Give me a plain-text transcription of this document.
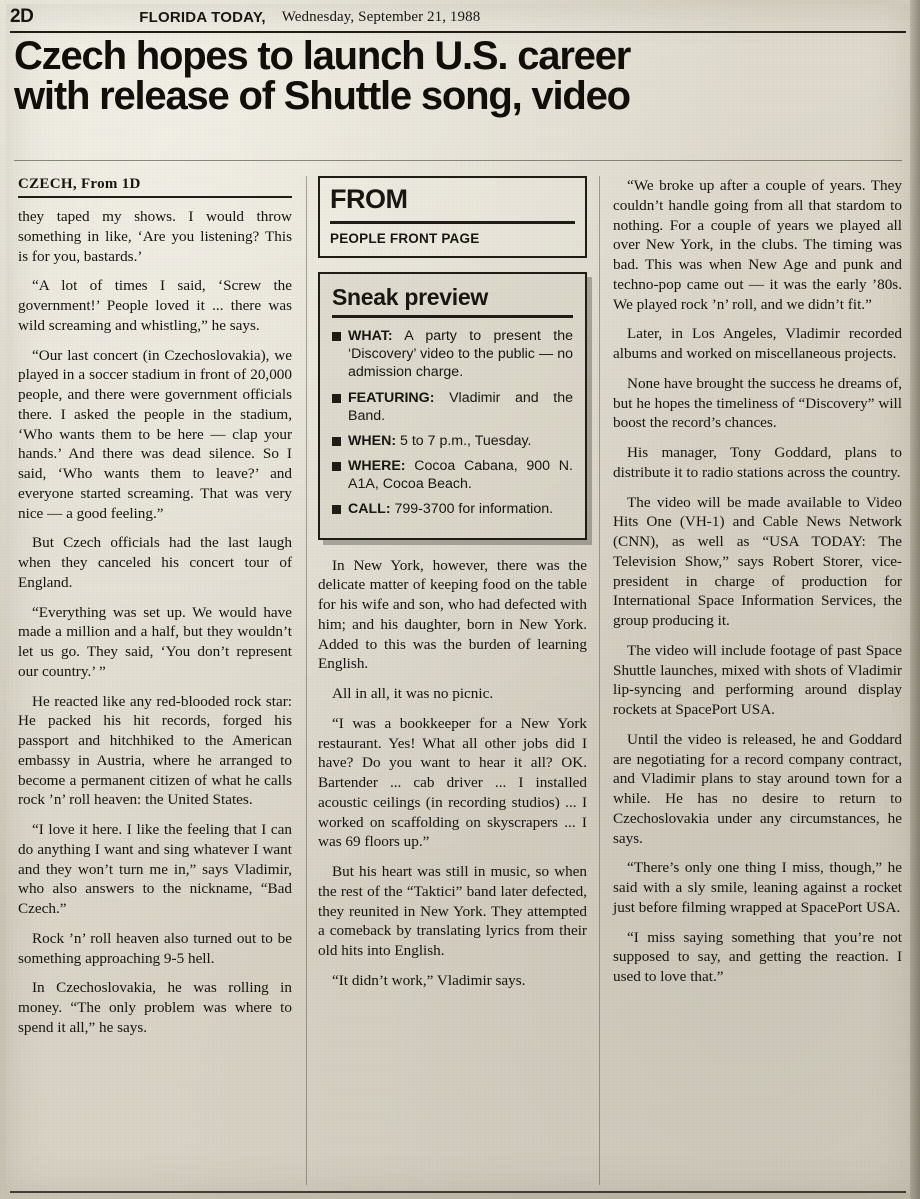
2D	FLORIDA TODAY, Wednesday, September 21, 1988
Czech hopes to launch U.S. career
with release of Shuttle song, video
CZECH, From 1D

they taped my shows. I would throw something in like, ‘Are you listening? This is for you, bastards.’

“A lot of times I said, ‘Screw the government!’ People loved it ... there was wild screaming and whistling,” he says.

“Our last concert (in Czechoslovakia), we played in a soccer stadium in front of 20,000 people, and there were government officials there. I asked the people in the stadium, ‘Who wants them to be here — clap your hands.’ And there was dead silence. So I said, ‘Who wants them to leave?’ and everyone started screaming. That was very nice — a good feeling.”

But Czech officials had the last laugh when they canceled his concert tour of England.

“Everything was set up. We would have made a million and a half, but they wouldn’t let us go. They said, ‘You don’t represent our country.’ ”

He reacted like any red-blooded rock star: He packed his hit records, forged his passport and hitchhiked to the American embassy in Austria, where he arranged to become a permanent citizen of what he calls rock ’n’ roll heaven: the United States.

“I love it here. I like the feeling that I can do anything I want and sing whatever I want and they won’t turn me in,” says Vladimir, who also answers to the nickname, “Bad Czech.”

Rock ’n’ roll heaven also turned out to be something approaching 9-5 hell.

In Czechoslovakia, he was rolling in money. “The only problem was where to spend it all,” he says.

FROM
PEOPLE FRONT PAGE
Sneak preview
WHAT: A party to present the ‘Discovery’ video to the public — no admission charge.
FEATURING: Vladimir and the Band.
WHEN: 5 to 7 p.m., Tuesday.
WHERE: Cocoa Cabana, 900 N. A1A, Cocoa Beach.
CALL: 799-3700 for information.

In New York, however, there was the delicate matter of keeping food on the table for his wife and son, who had defected with him; and his daughter, born in New York. Added to this was the burden of learning English.

All in all, it was no picnic.

“I was a bookkeeper for a New York restaurant. Yes! What all other jobs did I have? Do you want to hear it all? OK. Bartender ... cab driver ... I installed acoustic ceilings (in recording studios) ... I worked on scaffolding on skyscrapers ... I was 69 floors up.”

But his heart was still in music, so when the rest of the “Taktici” band later defected, they reunited in New York. They attempted a comeback by translating lyrics from their old hits into English.

“It didn’t work,” Vladimir says.

“We broke up after a couple of years. They couldn’t handle going from all that stardom to nothing. For a couple of years we played all over New York, in the clubs. The timing was bad. This was when New Age and punk and techno-pop came out — it was the early ’80s. We played rock ’n’ roll, and we didn’t fit.”

Later, in Los Angeles, Vladimir recorded albums and worked on miscellaneous projects.

None have brought the success he dreams of, but he hopes the timeliness of “Discovery” will boost the record’s chances.

His manager, Tony Goddard, plans to distribute it to radio stations across the country.

The video will be made available to Video Hits One (VH-1) and Cable News Network (CNN), as well as “USA TODAY: The Television Show,” says Robert Storer, vice-president in charge of production for International Space Information Services, the group producing it.

The video will include footage of past Space Shuttle launches, mixed with shots of Vladimir lip-syncing and performing around display rockets at SpacePort USA.

Until the video is released, he and Goddard are negotiating for a record company contract, and Vladimir plans to stay around town for a while. He has no desire to return to Czechoslovakia under any circumstances, he says.

“There’s only one thing I miss, though,” he said with a sly smile, leaning against a rocket just before filming wrapped at SpacePort USA.

“I miss saying something that you’re not supposed to say, and getting the reaction. I used to love that.”
